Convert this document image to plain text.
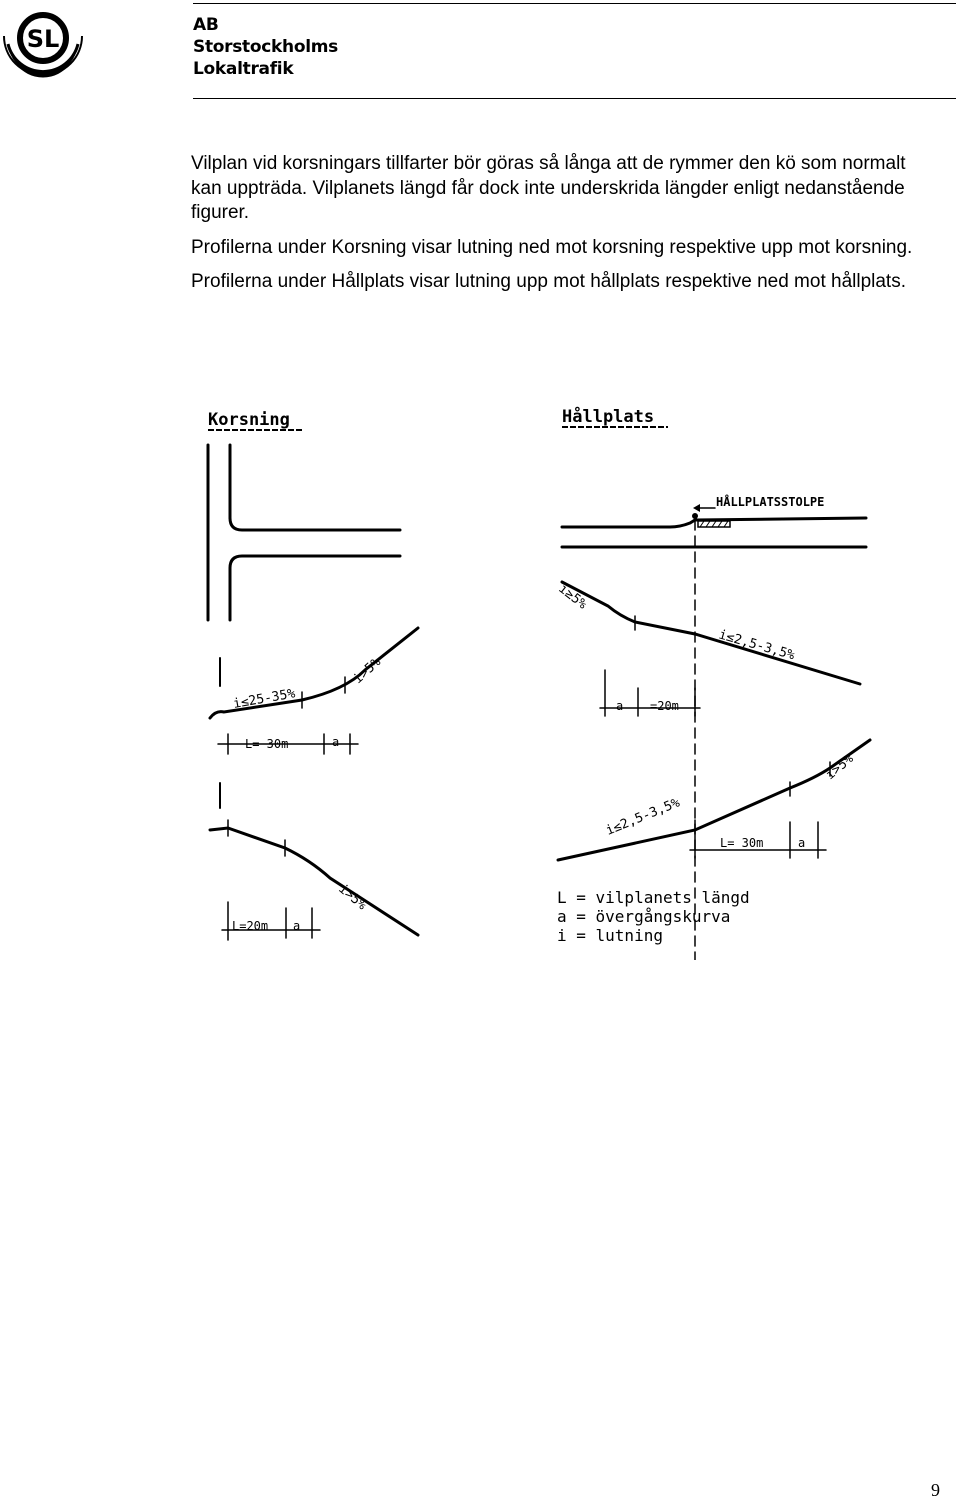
SL	AB
Storstockholms
Lokaltrafik

Vilplan vid korsningars tillfarter bör göras så långa att de rymmer den kö som normalt kan uppträda. Vilplanets längd får dock inte underskrida längder enligt nedanstående figurer.

Profilerna under Korsning visar lutning ned mot korsning respektive upp mot korsning.

Profilerna under Hållplats visar lutning upp mot hållplats respektive ned mot hållplats.

Korsning	Hållplats
i≤25-35%
i>5%
L= 30m	a
i>5%
L=20m a
HÅLLPLATSSTOLPE
i≥5%
i≤2,5-3,5%
a =20m
i≤2,5-3,5%
L= 30m	a
i>5%
L = vilplanets längd
a = övergångskurva
i = lutning
9
